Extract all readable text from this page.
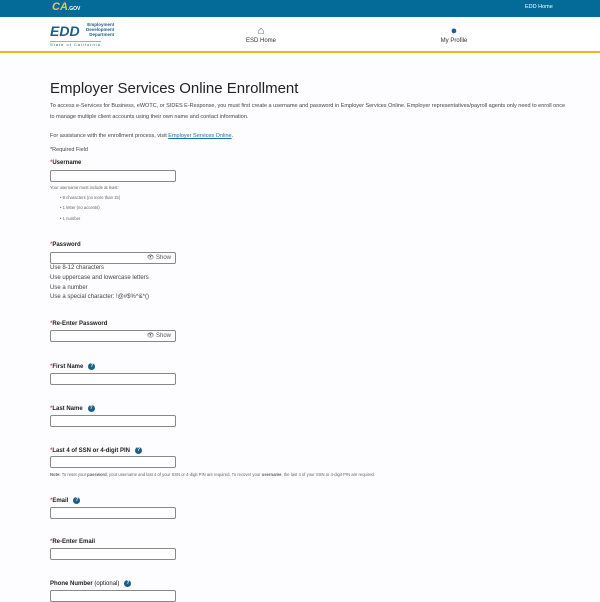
CA.GOV	EDD Home
EDD Employment
Development
Department
State of California
⌂
ESD Home
●
My Profile
Employer Services Online Enrollment
To access e-Services for Business, eWOTC, or SIDES E-Response, you must first create a username and password in Employer Services Online. Employer representatives/payroll agents only need to enroll once to manage multiple client accounts using their own name and contact information.
For assistance with the enrollment process, visit Employer Services Online.
*Required Field
*Username
Your username must include at least:
• 8 characters (no more than 15)
• 1 letter (no accents)
• 1 number
*Password
👁 Show
Use 8-12 characters
Use uppercase and lowercase letters
Use a number
Use a special character: !@#$%^&*()
*Re-Enter Password
👁 Show
*First Name ?
*Last Name ?
*Last 4 of SSN or 4-digit PIN ?
Note: To reset your password, your username and last 4 of your SSN or 4-digit PIN are required. To recover your username, the last 4 of your SSN or 4-digit PIN are required.
*Email ?
*Re-Enter Email
Phone Number (optional) ?
